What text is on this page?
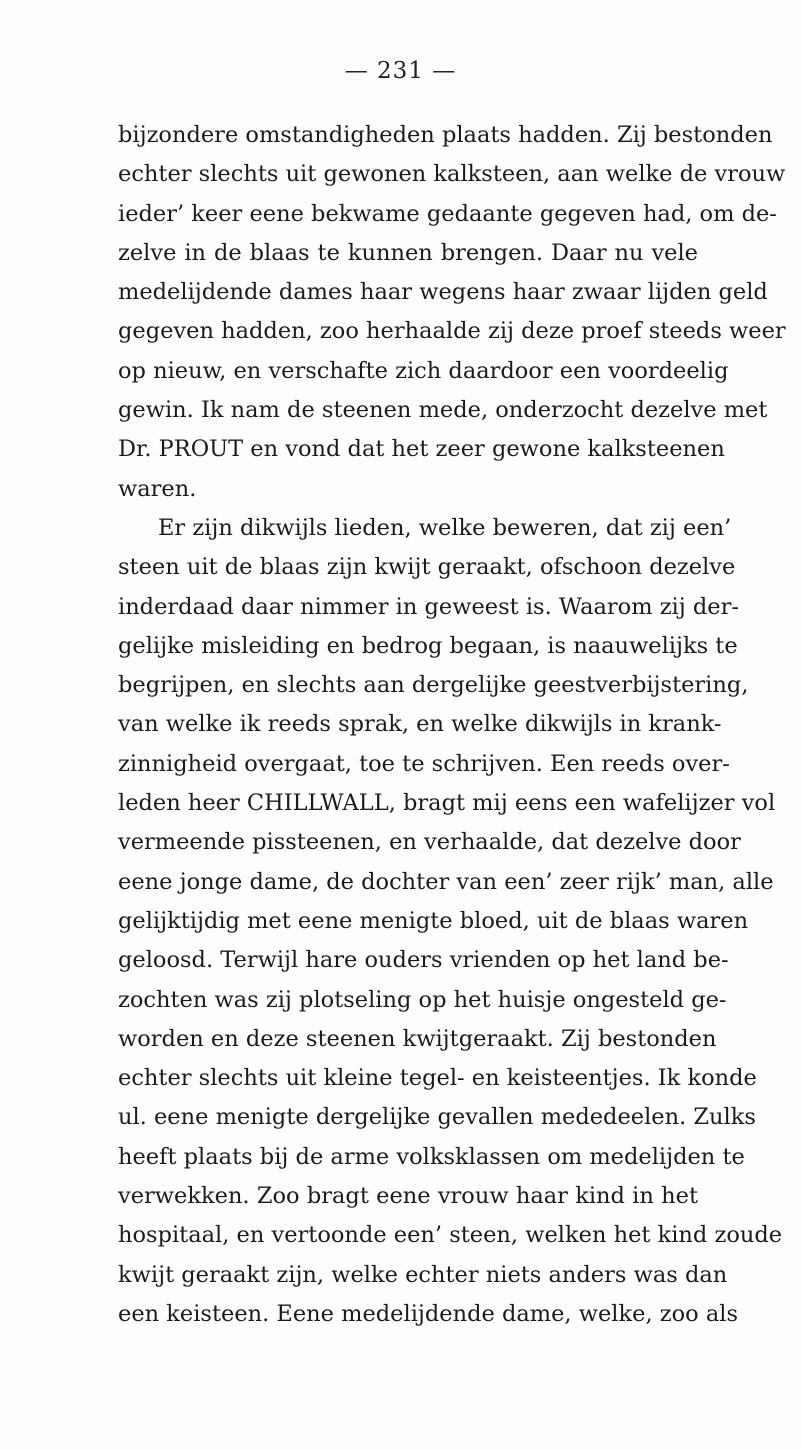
— 231 —
bijzondere omstandigheden plaats hadden. Zij bestonden
echter slechts uit gewonen kalksteen, aan welke de vrouw
ieder’ keer eene bekwame gedaante gegeven had, om de-
zelve in de blaas te kunnen brengen. Daar nu vele
medelijdende dames haar wegens haar zwaar lijden geld
gegeven hadden, zoo herhaalde zij deze proef steeds weer
op nieuw, en verschafte zich daardoor een voordeelig
gewin. Ik nam de steenen mede, onderzocht dezelve met
Dr. PROUT en vond dat het zeer gewone kalksteenen
waren.
Er zijn dikwijls lieden, welke beweren, dat zij een’
steen uit de blaas zijn kwijt geraakt, ofschoon dezelve
inderdaad daar nimmer in geweest is. Waarom zij der-
gelijke misleiding en bedrog begaan, is naauwelijks te
begrijpen, en slechts aan dergelijke geestverbijstering,
van welke ik reeds sprak, en welke dikwijls in krank-
zinnigheid overgaat, toe te schrijven. Een reeds over-
leden heer CHILLWALL, bragt mij eens een wafelijzer vol
vermeende pissteenen, en verhaalde, dat dezelve door
eene jonge dame, de dochter van een’ zeer rijk’ man, alle
gelijktijdig met eene menigte bloed, uit de blaas waren
geloosd. Terwijl hare ouders vrienden op het land be-
zochten was zij plotseling op het huisje ongesteld ge-
worden en deze steenen kwijtgeraakt. Zij bestonden
echter slechts uit kleine tegel- en keisteentjes. Ik konde
ul. eene menigte dergelijke gevallen mededeelen. Zulks
heeft plaats bij de arme volksklassen om medelijden te
verwekken. Zoo bragt eene vrouw haar kind in het
hospitaal, en vertoonde een’ steen, welken het kind zoude
kwijt geraakt zijn, welke echter niets anders was dan
een keisteen. Eene medelijdende dame, welke, zoo als
